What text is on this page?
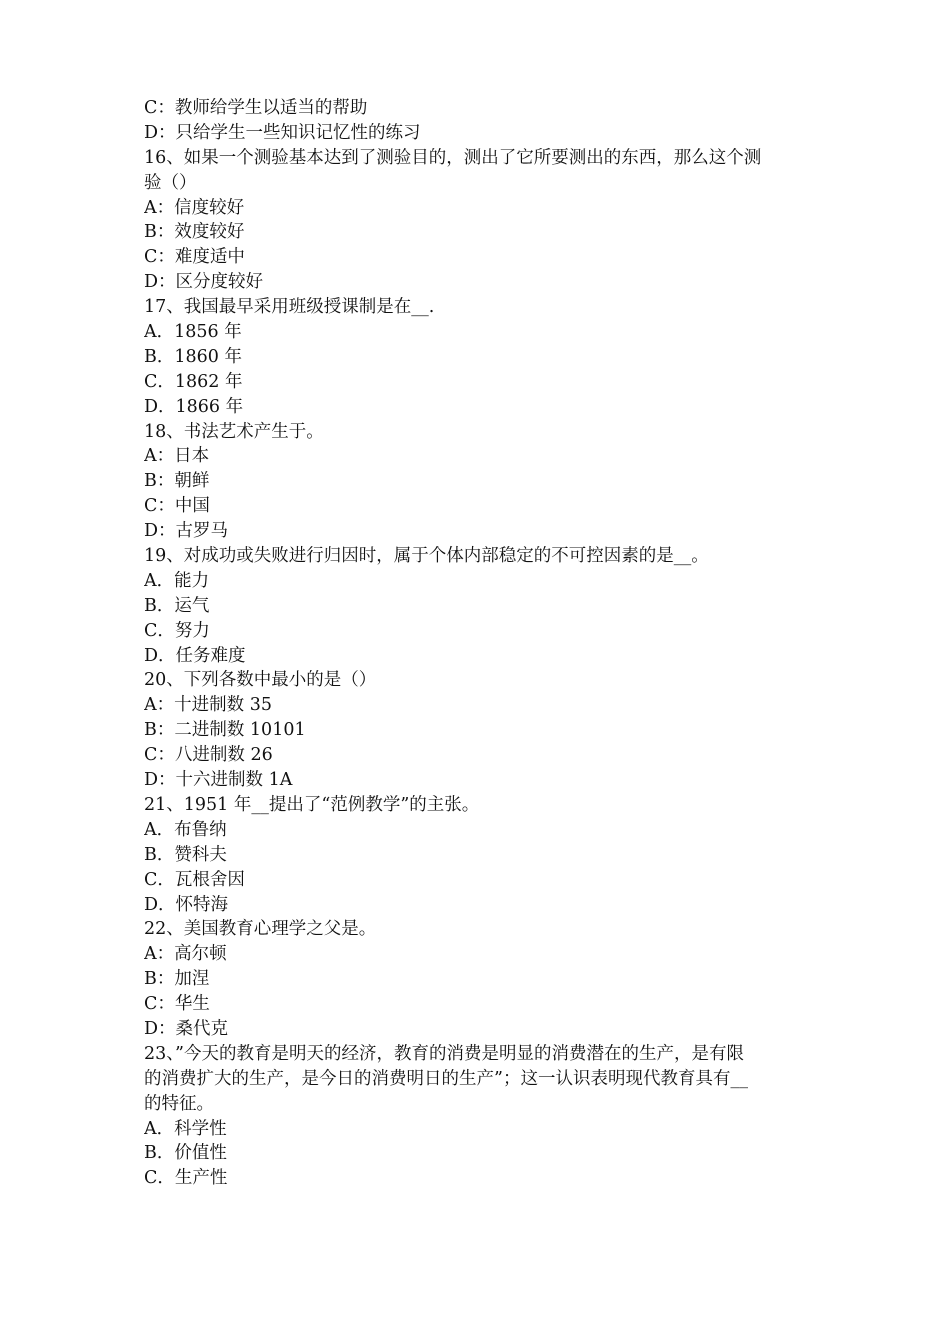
C：教师给学生以适当的帮助
D：只给学生一些知识记忆性的练习
16、如果一个测验基本达到了测验目的，测出了它所要测出的东西，那么这个测
验（）
A：信度较好
B：效度较好
C：难度适中
D：区分度较好
17、我国最早采用班级授课制是在__.
A．1856 年
B．1860 年
C．1862 年
D．1866 年
18、书法艺术产生于。
A：日本
B：朝鲜
C：中国
D：古罗马
19、对成功或失败进行归因时，属于个体内部稳定的不可控因素的是__。
A．能力
B．运气
C．努力
D．任务难度
20、下列各数中最小的是（）
A：十进制数 35
B：二进制数 10101
C：八进制数 26
D：十六进制数 1A
21、1951 年__提出了“范例教学”的主张。
A．布鲁纳
B．赞科夫
C．瓦根舍因
D．怀特海
22、美国教育心理学之父是。
A：高尔顿
B：加涅
C：华生
D：桑代克
23、”今天的教育是明天的经济，教育的消费是明显的消费潜在的生产，是有限
的消费扩大的生产，是今日的消费明日的生产”；这一认识表明现代教育具有__
的特征。
A．科学性
B．价值性
C．生产性
